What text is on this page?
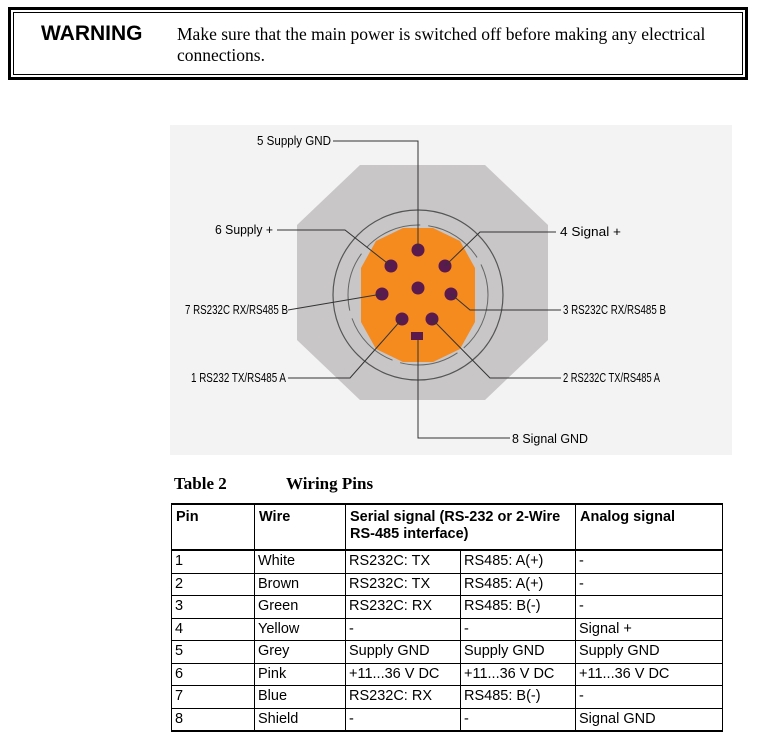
WARNING Make sure that the main power is switched off before making any electrical connections.
5 Supply GND
6 Supply +	4 Signal +
7 RS232C RX/RS485 B	3 RS232C RX/RS485 B
1 RS232 TX/RS485 A	2 RS232C TX/RS485 A
8 Signal GND
Table 2	Wiring Pins
Pin	Wire	Serial signal (RS-232 or 2-Wire RS-485 interface)		Analog signal
1	White	RS232C: TX	RS485: A(+)	-
2	Brown	RS232C: TX	RS485: A(+)	-
3	Green	RS232C: RX	RS485: B(-)	-
4	Yellow	-	-	Signal +
5	Grey	Supply GND	Supply GND	Supply GND
6	Pink	+11...36 V DC	+11...36 V DC	+11...36 V DC
7	Blue	RS232C: RX	RS485: B(-)	-
8	Shield	-	-	Signal GND
